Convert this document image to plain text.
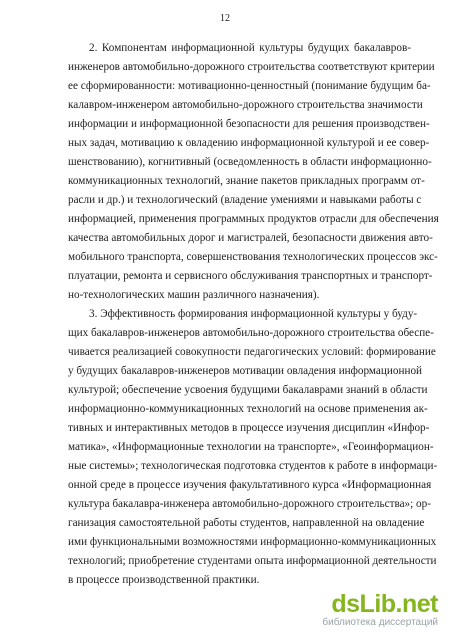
12
2. Компонентам информационной культуры будущих бакалавров-
инженеров автомобильно-дорожного строительства соответствуют критерии
ее сформированности: мотивационно-ценностный (понимание будущим ба-
калавром-инженером автомобильно-дорожного строительства значимости
информации и информационной безопасности для решения производствен-
ных задач, мотивацию к овладению информационной культурой и ее совер-
шенствованию), когнитивный (осведомленность в области информационно-
коммуникационных технологий, знание пакетов прикладных программ от-
расли и др.) и технологический (владение умениями и навыками работы с
информацией, применения программных продуктов отрасли для обеспечения
качества автомобильных дорог и магистралей, безопасности движения авто-
мобильного транспорта, совершенствования технологических процессов экс-
плуатации, ремонта и сервисного обслуживания транспортных и транспорт-
но-технологических машин различного назначения).
3. Эффективность формирования информационной культуры у буду-
щих бакалавров-инженеров автомобильно-дорожного строительства обеспе-
чивается реализацией совокупности педагогических условий: формирование
у будущих бакалавров-инженеров мотивации овладения информационной
культурой; обеспечение усвоения будущими бакалаврами знаний в области
информационно-коммуникационных технологий на основе применения ак-
тивных и интерактивных методов в процессе изучения дисциплин «Инфор-
матика», «Информационные технологии на транспорте», «Геоинформацион-
ные системы»; технологическая подготовка студентов к работе в информаци-
онной среде в процессе изучения факультативного курса «Информационная
культура бакалавра-инженера автомобильно-дорожного строительства»; ор-
ганизация самостоятельной работы студентов, направленной на овладение
ими функциональными возможностями информационно-коммуникационных
технологий; приобретение студентами опыта информационной деятельности
в процессе производственной практики.
dsLib.net
библиотека диссертаций
